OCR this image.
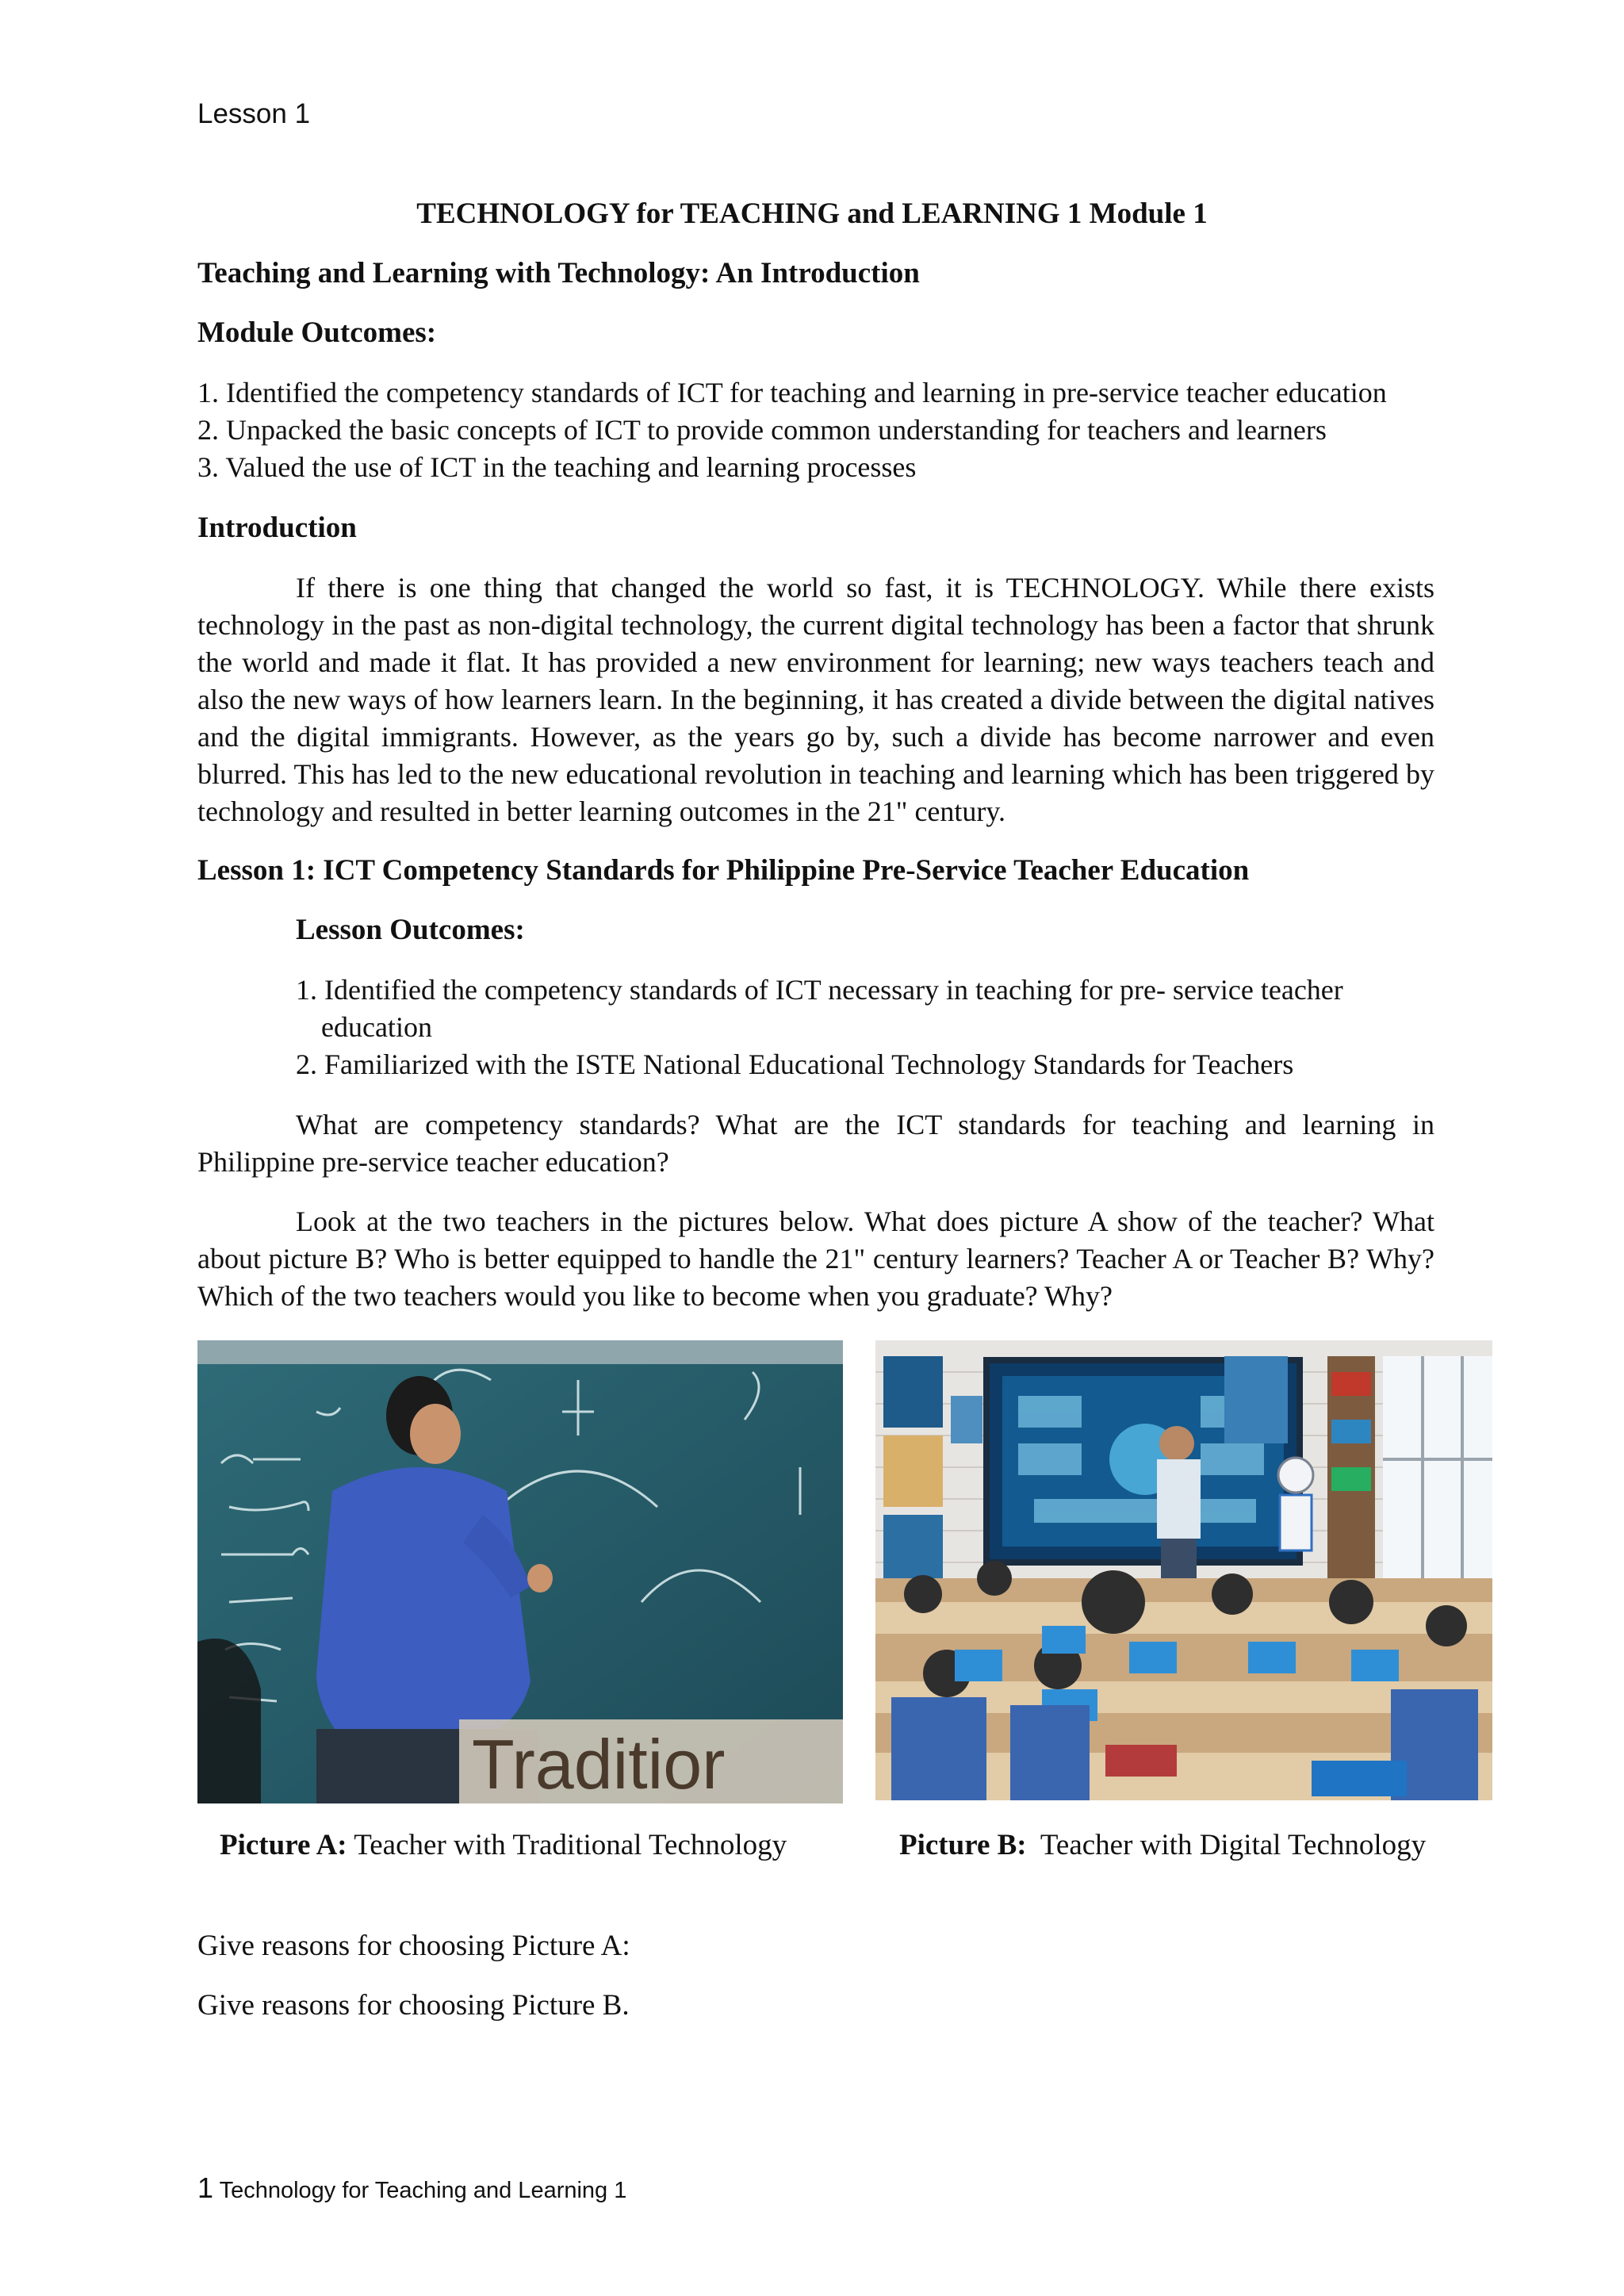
Lesson 1
TECHNOLOGY for TEACHING and LEARNING 1 Module 1
Teaching and Learning with Technology: An Introduction
Module Outcomes:
1. Identified the competency standards of ICT for teaching and learning in pre-service teacher education
2. Unpacked the basic concepts of ICT to provide common understanding for teachers and learners
3. Valued the use of ICT in the teaching and learning processes
Introduction
If there is one thing that changed the world so fast, it is TECHNOLOGY. While there exists technology in the past as non-digital technology, the current digital technology has been a factor that shrunk the world and made it flat. It has provided a new environment for learning; new ways teachers teach and also the new ways of how learners learn. In the beginning, it has created a divide between the digital natives and the digital immigrants. However, as the years go by, such a divide has become narrower and even blurred. This has led to the new educational revolution in teaching and learning which has been triggered by technology and resulted in better learning outcomes in the 21" century.
Lesson 1: ICT Competency Standards for Philippine Pre-Service Teacher Education
Lesson Outcomes:
1. Identified the competency standards of ICT necessary in teaching for pre- service teacher
education
2. Familiarized with the ISTE National Educational Technology Standards for Teachers
What are competency standards? What are the ICT standards for teaching and learning in Philippine pre-service teacher education?
Look at the two teachers in the pictures below. What does picture A show of the teacher? What about picture B? Who is better equipped to handle the 21" century learners? Teacher A or Teacher B? Why? Which of the two teachers would you like to become when you graduate? Why?
Traditior
Picture A: Teacher with Traditional Technology	Picture B: Teacher with Digital Technology
Give reasons for choosing Picture A:
Give reasons for choosing Picture B.
1 Technology for Teaching and Learning 1
